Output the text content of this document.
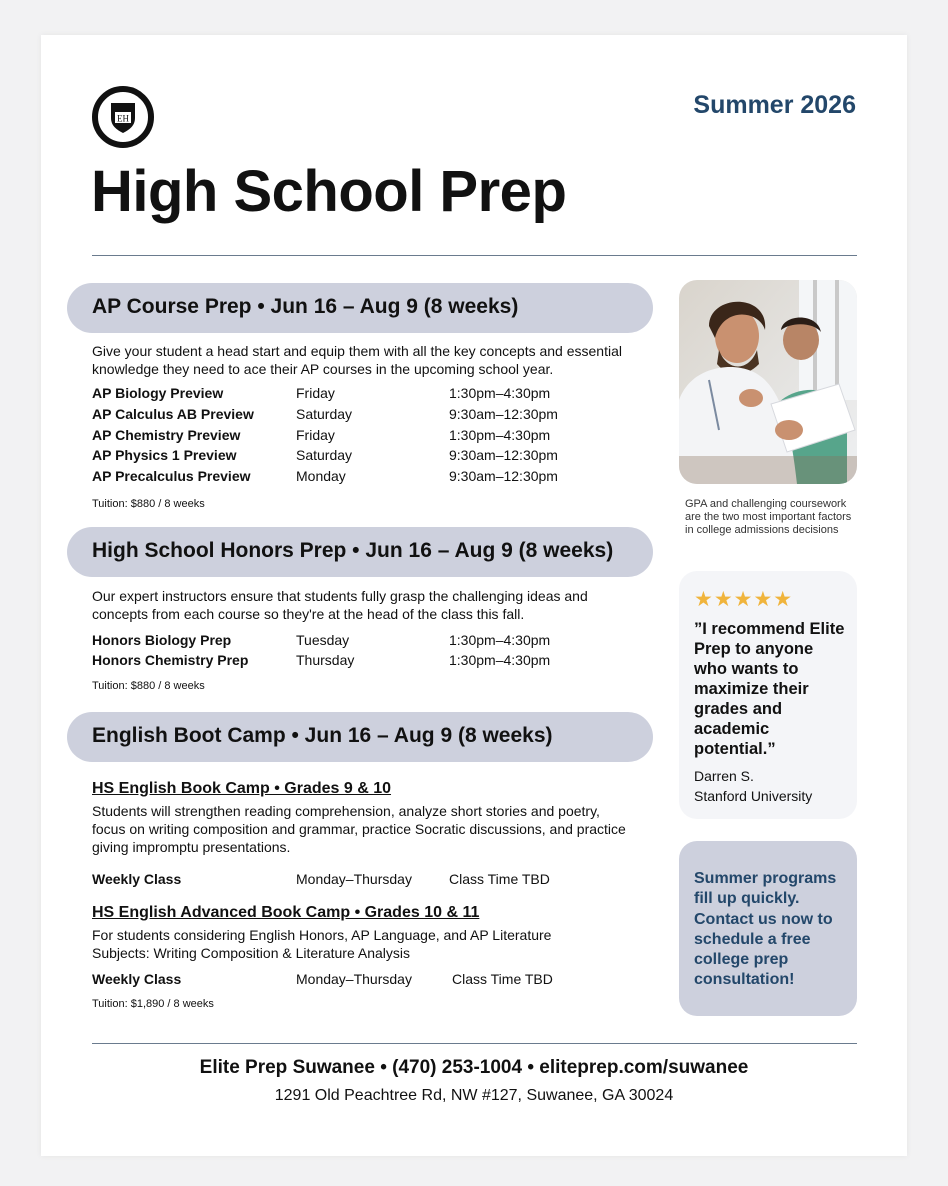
EH	Summer 2026
High School Prep
AP Course Prep • Jun 16 – Aug 9 (8 weeks)
Give your student a head start and equip them with all the key concepts and essential knowledge they need to ace their AP courses in the upcoming school year.
AP Biology Preview	Friday	1:30pm–4:30pm
AP Calculus AB Preview	Saturday	9:30am–12:30pm
AP Chemistry Preview	Friday	1:30pm–4:30pm
AP Physics 1 Preview	Saturday	9:30am–12:30pm
AP Precalculus Preview	Monday	9:30am–12:30pm
Tuition: $880 / 8 weeks
High School Honors Prep • Jun 16 – Aug 9 (8 weeks)
Our expert instructors ensure that students fully grasp the challenging ideas and concepts from each course so they're at the head of the class this fall.
Honors Biology Prep	Tuesday	1:30pm–4:30pm
Honors Chemistry Prep	Thursday	1:30pm–4:30pm
Tuition: $880 / 8 weeks
English Boot Camp • Jun 16 – Aug 9 (8 weeks)
HS English Book Camp • Grades 9 & 10
Students will strengthen reading comprehension, analyze short stories and poetry, focus on writing composition and grammar, practice Socratic discussions, and practice giving impromptu presentations.
Weekly Class	Monday–Thursday	Class Time TBD
HS English Advanced Book Camp • Grades 10 & 11
For students considering English Honors, AP Language, and AP Literature
Subjects: Writing Composition & Literature Analysis
Weekly Class	Monday–Thursday	Class Time TBD
Tuition: $1,890 / 8 weeks
GPA and challenging coursework are the two most important factors in college admissions decisions
★★★★★
”I recommend Elite Prep to anyone who wants to maximize their grades and academic potential.”
Darren S.
Stanford University
Summer programs fill up quickly. Contact us now to schedule a free college prep consultation!
Elite Prep Suwanee • (470) 253-1004 • eliteprep.com/suwanee
1291 Old Peachtree Rd, NW #127, Suwanee, GA 30024
